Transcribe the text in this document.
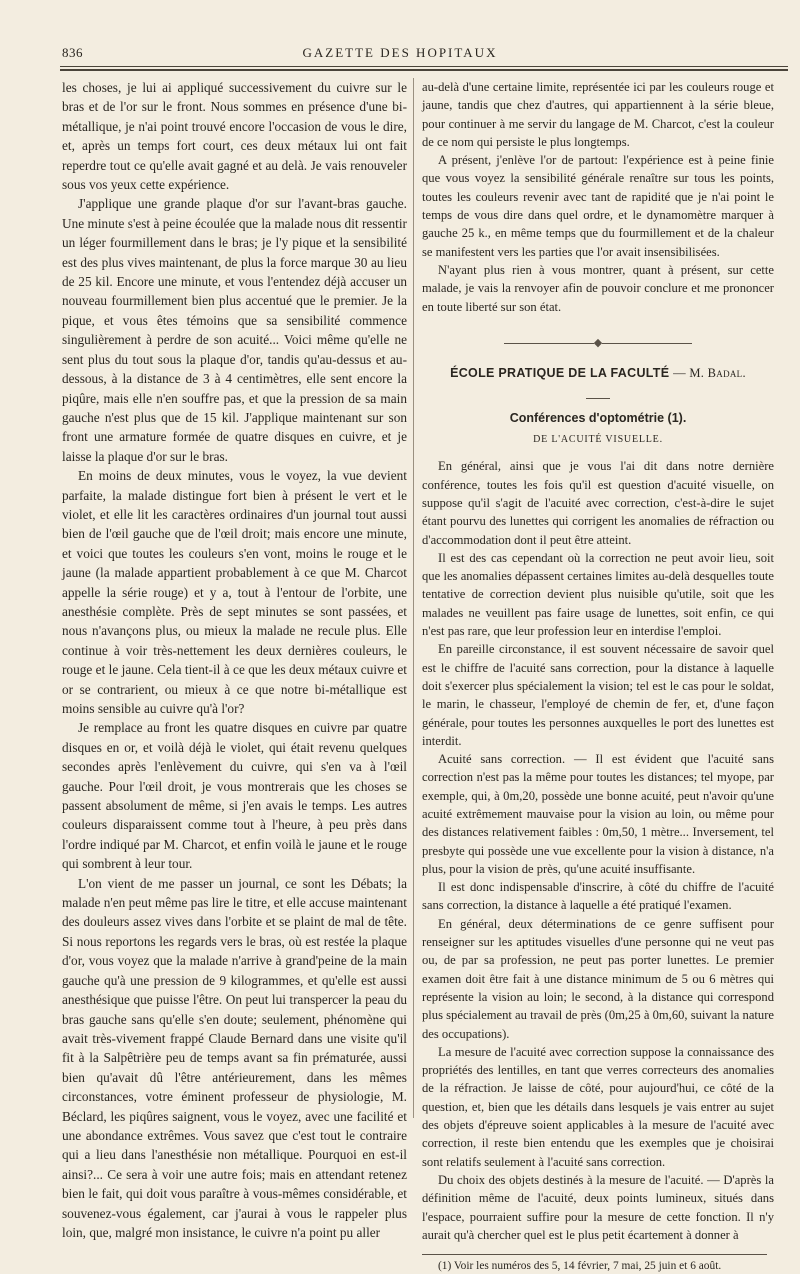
836	GAZETTE DES HOPITAUX

les choses, je lui ai appliqué successivement du cuivre sur le bras et de l'or sur le front. Nous sommes en présence d'une bi-métallique, je n'ai point trouvé encore l'occasion de vous le dire, et, après un temps fort court, ces deux métaux lui ont fait reperdre tout ce qu'elle avait gagné et au delà. Je vais renouveler sous vos yeux cette expérience.

J'applique une grande plaque d'or sur l'avant-bras gauche. Une minute s'est à peine écoulée que la malade nous dit ressentir un léger fourmillement dans le bras; je l'y pique et la sensibilité est des plus vives maintenant, de plus la force marque 30 au lieu de 25 kil. Encore une minute, et vous l'entendez déjà accuser un nouveau fourmillement bien plus accentué que le premier. Je la pique, et vous êtes témoins que sa sensibilité commence singulièrement à perdre de son acuité... Voici même qu'elle ne sent plus du tout sous la plaque d'or, tandis qu'au-dessus et au-dessous, à la distance de 3 à 4 centimètres, elle sent encore la piqûre, mais elle n'en souffre pas, et que la pression de sa main gauche n'est plus que de 15 kil. J'applique maintenant sur son front une armature formée de quatre disques en cuivre, et je laisse la plaque d'or sur le bras.

En moins de deux minutes, vous le voyez, la vue devient parfaite, la malade distingue fort bien à présent le vert et le violet, et elle lit les caractères ordinaires d'un journal tout aussi bien de l'œil gauche que de l'œil droit; mais encore une minute, et voici que toutes les couleurs s'en vont, moins le rouge et le jaune (la malade appartient probablement à ce que M. Charcot appelle la série rouge) et y a, tout à l'entour de l'orbite, une anesthésie complète. Près de sept minutes se sont passées, et nous n'avançons plus, ou mieux la malade ne recule plus. Elle continue à voir très-nettement les deux dernières couleurs, le rouge et le jaune. Cela tient-il à ce que les deux métaux cuivre et or se contrarient, ou mieux à ce que notre bi-métallique est moins sensible au cuivre qu'à l'or?

Je remplace au front les quatre disques en cuivre par quatre disques en or, et voilà déjà le violet, qui était revenu quelques secondes après l'enlèvement du cuivre, qui s'en va à l'œil gauche. Pour l'œil droit, je vous montrerais que les choses se passent absolument de même, si j'en avais le temps. Les autres couleurs disparaissent comme tout à l'heure, à peu près dans l'ordre indiqué par M. Charcot, et enfin voilà le jaune et le rouge qui sombrent à leur tour.

L'on vient de me passer un journal, ce sont les Débats; la malade n'en peut même pas lire le titre, et elle accuse maintenant des douleurs assez vives dans l'orbite et se plaint de mal de tête. Si nous reportons les regards vers le bras, où est restée la plaque d'or, vous voyez que la malade n'arrive à grand'peine de la main gauche qu'à une pression de 9 kilogrammes, et qu'elle est aussi anesthésique que puisse l'être. On peut lui transpercer la peau du bras gauche sans qu'elle s'en doute; seulement, phénomène qui avait très-vivement frappé Claude Bernard dans une visite qu'il fit à la Salpêtrière peu de temps avant sa fin prématurée, aussi bien qu'avait dû l'être antérieurement, dans les mêmes circonstances, votre éminent professeur de physiologie, M. Béclard, les piqûres saignent, vous le voyez, avec une facilité et une abondance extrêmes. Vous savez que c'est tout le contraire qui a lieu dans l'anesthésie non métallique. Pourquoi en est-il ainsi?... Ce sera à voir une autre fois; mais en attendant retenez bien le fait, qui doit vous paraître à vous-mêmes considérable, et souvenez-vous également, car j'aurai à vous le rappeler plus loin, que, malgré mon insistance, le cuivre n'a point pu aller

au-delà d'une certaine limite, représentée ici par les couleurs rouge et jaune, tandis que chez d'autres, qui appartiennent à la série bleue, pour continuer à me servir du langage de M. Charcot, c'est la couleur de ce nom qui persiste le plus longtemps.

A présent, j'enlève l'or de partout: l'expérience est à peine finie que vous voyez la sensibilité générale renaître sur tous les points, toutes les couleurs revenir avec tant de rapidité que je n'ai point le temps de vous dire dans quel ordre, et le dynamomètre marquer à gauche 25 k., en même temps que du fourmillement et de la chaleur se manifestent vers les parties que l'or avait insensibilisées.

N'ayant plus rien à vous montrer, quant à présent, sur cette malade, je vais la renvoyer afin de pouvoir conclure et me prononcer en toute liberté sur son état.

◆
ÉCOLE PRATIQUE DE LA FACULTÉ — M. Badal.
Conférences d'optométrie (1).
DE L'ACUITÉ VISUELLE.

En général, ainsi que je vous l'ai dit dans notre dernière conférence, toutes les fois qu'il est question d'acuité visuelle, on suppose qu'il s'agit de l'acuité avec correction, c'est-à-dire le sujet étant pourvu des lunettes qui corrigent les anomalies de réfraction ou d'accommodation dont il peut être atteint.

Il est des cas cependant où la correction ne peut avoir lieu, soit que les anomalies dépassent certaines limites au-delà desquelles toute tentative de correction devient plus nuisible qu'utile, soit que les malades ne veuillent pas faire usage de lunettes, soit enfin, ce qui n'est pas rare, que leur profession leur en interdise l'emploi.

En pareille circonstance, il est souvent nécessaire de savoir quel est le chiffre de l'acuité sans correction, pour la distance à laquelle doit s'exercer plus spécialement la vision; tel est le cas pour le soldat, le marin, le chasseur, l'employé de chemin de fer, et, d'une façon générale, pour toutes les personnes auxquelles le port des lunettes est interdit.

Acuité sans correction. — Il est évident que l'acuité sans correction n'est pas la même pour toutes les distances; tel myope, par exemple, qui, à 0m,20, possède une bonne acuité, peut n'avoir qu'une acuité extrêmement mauvaise pour la vision au loin, ou même pour des distances relativement faibles : 0m,50, 1 mètre... Inversement, tel presbyte qui possède une vue excellente pour la vision à distance, n'a plus, pour la vision de près, qu'une acuité insuffisante.

Il est donc indispensable d'inscrire, à côté du chiffre de l'acuité sans correction, la distance à laquelle a été pratiqué l'examen.

En général, deux déterminations de ce genre suffisent pour renseigner sur les aptitudes visuelles d'une personne qui ne veut pas ou, de par sa profession, ne peut pas porter lunettes. Le premier examen doit être fait à une distance minimum de 5 ou 6 mètres qui représente la vision au loin; le second, à la distance qui correspond plus spécialement au travail de près (0m,25 à 0m,60, suivant la nature des occupations).

La mesure de l'acuité avec correction suppose la connaissance des propriétés des lentilles, en tant que verres correcteurs des anomalies de la réfraction. Je laisse de côté, pour aujourd'hui, ce côté de la question, et, bien que les détails dans lesquels je vais entrer au sujet des objets d'épreuve soient applicables à la mesure de l'acuité avec correction, il reste bien entendu que les exemples que je choisirai sont relatifs seulement à l'acuité sans correction.

Du choix des objets destinés à la mesure de l'acuité. — D'après la définition même de l'acuité, deux points lumineux, situés dans l'espace, pourraient suffire pour la mesure de cette fonction. Il n'y aurait qu'à chercher quel est le plus petit écartement à donner à

(1) Voir les numéros des 5, 14 février, 7 mai, 25 juin et 6 août.
